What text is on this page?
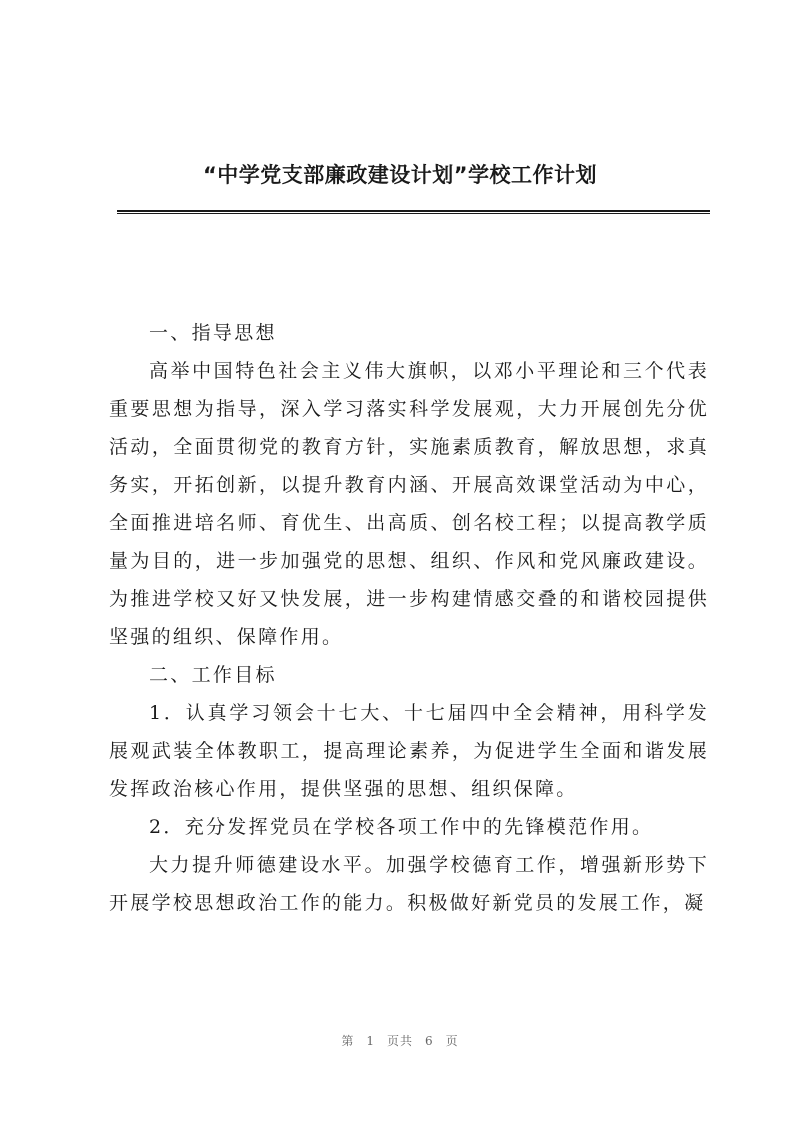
“中学党支部廉政建设计划”学校工作计划

一、指导思想

高举中国特色社会主义伟大旗帜，以邓小平理论和三个代表重要思想为指导，深入学习落实科学发展观，大力开展创先分优活动，全面贯彻党的教育方针，实施素质教育，解放思想，求真务实，开拓创新，以提升教育内涵、开展高效课堂活动为中心，全面推进培名师、育优生、出高质、创名校工程；以提高教学质量为目的，进一步加强党的思想、组织、作风和党风廉政建设。为推进学校又好又快发展，进一步构建情感交叠的和谐校园提供坚强的组织、保障作用。

二、工作目标

1．认真学习领会十七大、十七届四中全会精神，用科学发展观武装全体教职工，提高理论素养，为促进学生全面和谐发展发挥政治核心作用，提供坚强的思想、组织保障。

2．充分发挥党员在学校各项工作中的先锋模范作用。

大力提升师德建设水平。加强学校德育工作，增强新形势下开展学校思想政治工作的能力。积极做好新党员的发展工作，凝

第 1 页共 6 页
